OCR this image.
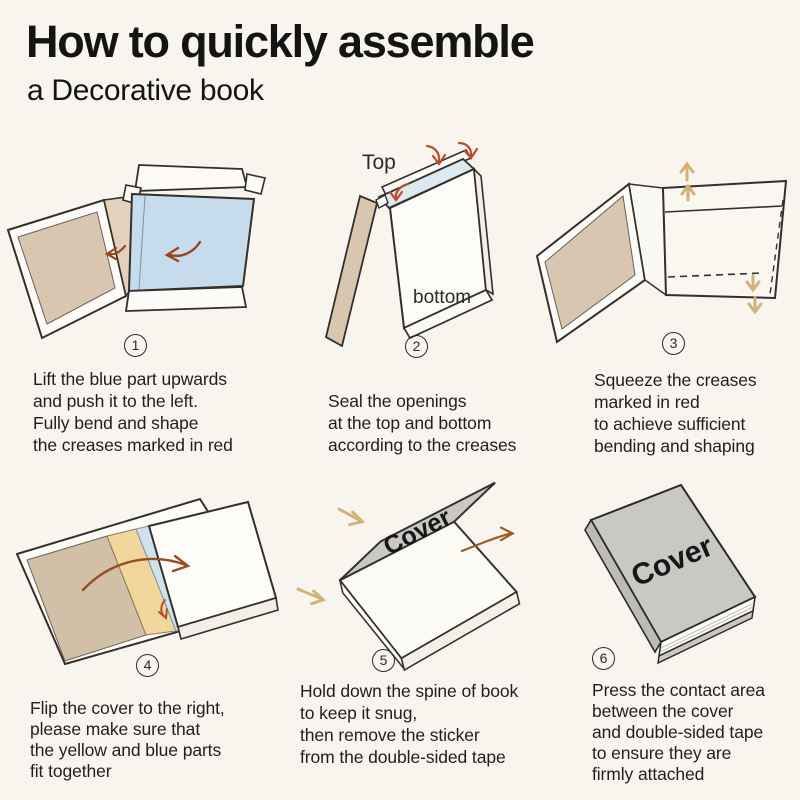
How to quickly assemble
a Decorative book
Top
bottom
Cover	Cover
1	2	3
4	5	6
Lift the blue part upwards
and push it to the left.
Fully bend and shape
the creases marked in red
Seal the openings
at the top and bottom
according to the creases
Squeeze the creases
marked in red
to achieve sufficient
bending and shaping
Flip the cover to the right,
please make sure that
the yellow and blue parts
fit together
Hold down the spine of book
to keep it snug,
then remove the sticker
from the double-sided tape
Press the contact area
between the cover
and double-sided tape
to ensure they are
firmly attached
